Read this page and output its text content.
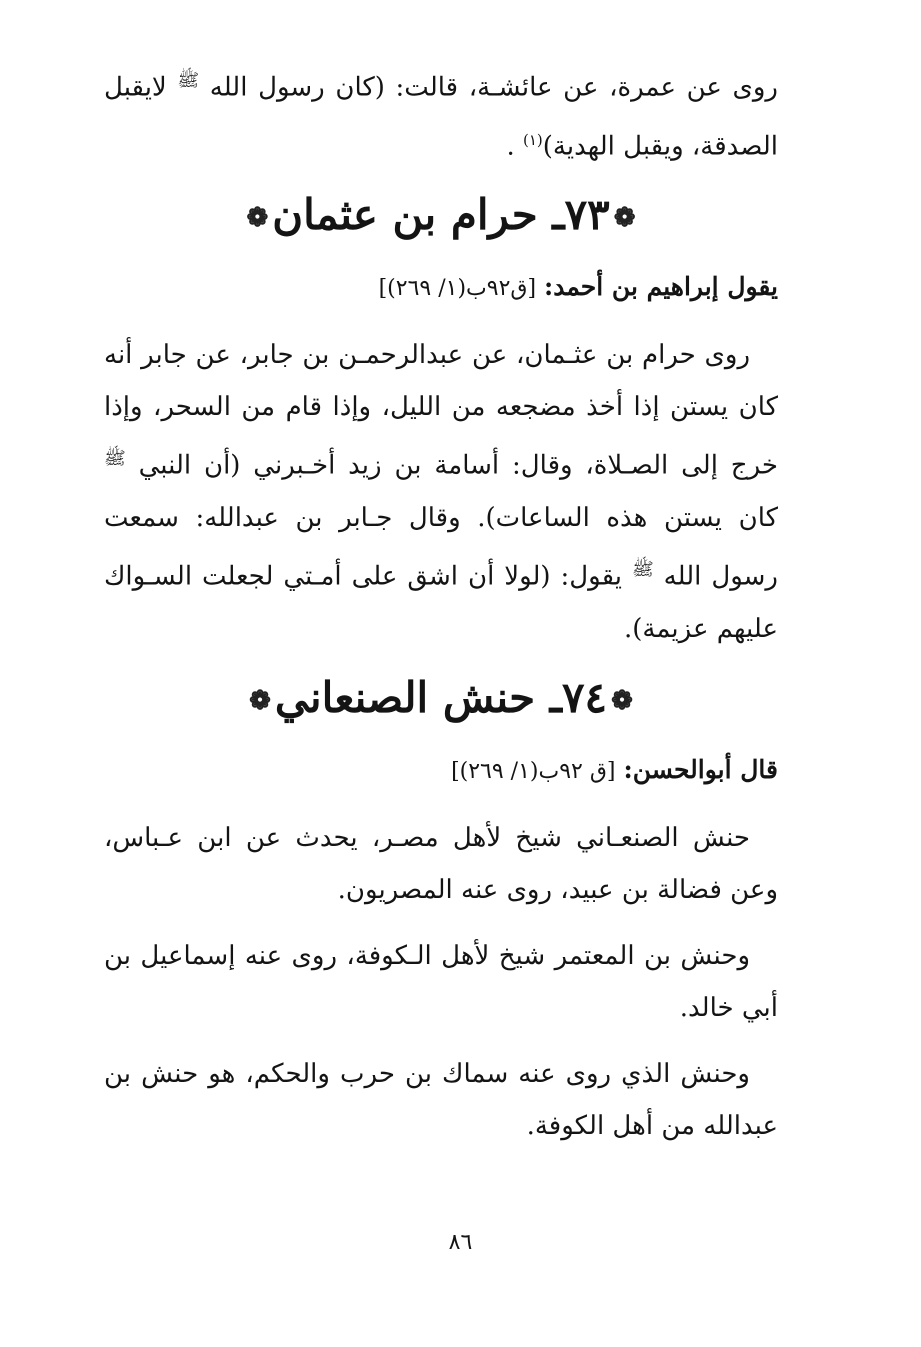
روى عن عمرة، عن عائشـة، قالت: (كان رسول الله $^ﷺ$ لايقبل الصدقة، ويقبل الهدية)$^{(١)}$ .
❁٧٣ـ حرام بن عثمان❁
يقول إبراهيم بن أحمد: [ق٩٢ب(١/ ٢٦٩)]
روى حرام بن عثـمان، عن عبدالرحمـن بن جابر، عن جابر أنه كان يستن إذا أخذ مضجعه من الليل، وإذا قام من السحر، وإذا خرج إلى الصـلاة، وقال: أسامة بن زيد أخـبرني (أن النبي $^ﷺ$ كان يستن هذه الساعات). وقال جـابر بن عبدالله: سمعت رسول الله $^ﷺ$ يقول: (لولا أن اشق على أمـتي لجعلت السـواك عليهم عزيمة).
❁٧٤ـ حنش الصنعاني❁
قال أبوالحسن: [ق ٩٢ب(١/ ٢٦٩)]
حنش الصنعـاني شيخ لأهل مصـر، يحدث عن ابن عـباس، وعن فضالة بن عبيد، روى عنه المصريون.
وحنش بن المعتمر شيخ لأهل الـكوفة، روى عنه إسماعيل بن أبي خالد.
وحنش الذي روى عنه سماك بن حرب والحكم، هو حنش بن عبدالله من أهل الكوفة.
٨٦
